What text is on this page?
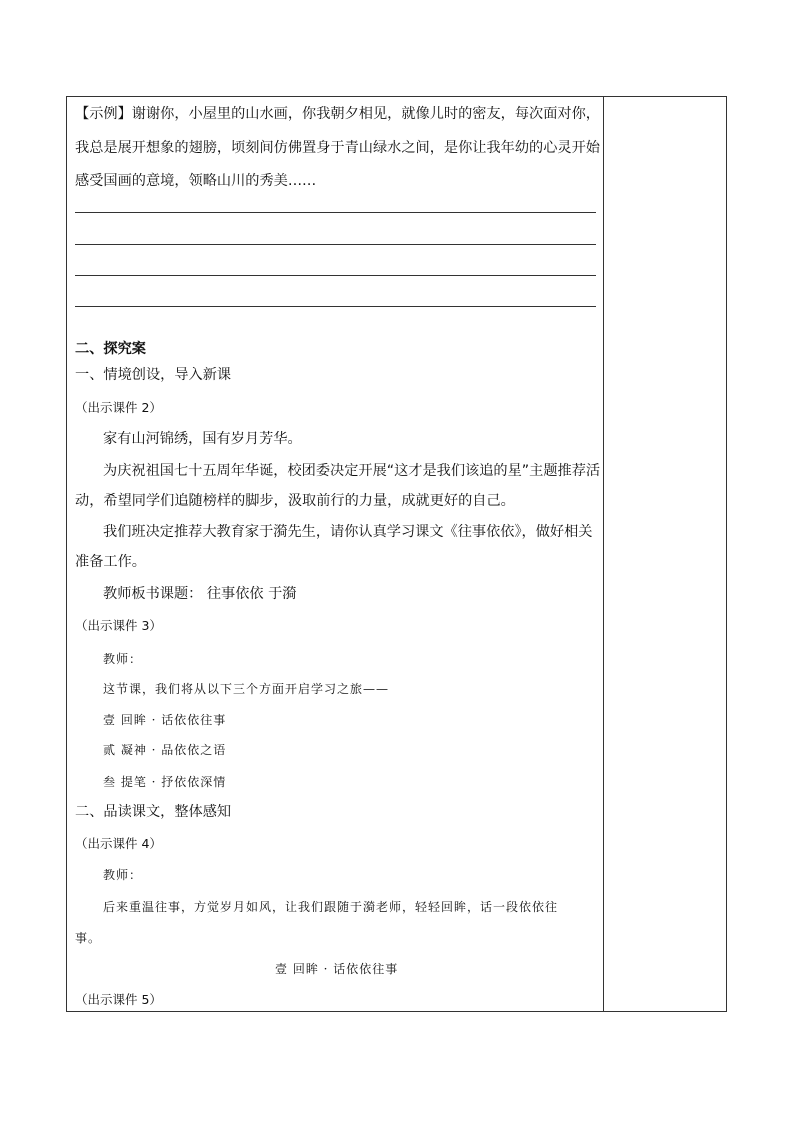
【示例】谢谢你，小屋里的山水画，你我朝夕相见，就像儿时的密友，每次面对你，
我总是展开想象的翅膀，顷刻间仿佛置身于青山绿水之间，是你让我年幼的心灵开始
感受国画的意境，领略山川的秀美……
二、探究案
一、情境创设，导入新课
（出示课件 2）
家有山河锦绣，国有岁月芳华。
为庆祝祖国七十五周年华诞，校团委决定开展“这才是我们该追的星”主题推荐活
动，希望同学们追随榜样的脚步，汲取前行的力量，成就更好的自己。
我们班决定推荐大教育家于漪先生，请你认真学习课文《往事依依》，做好相关
准备工作。
教师板书课题： 往事依依 于漪
（出示课件 3）
教师：
这节课，我们将从以下三个方面开启学习之旅——
壹 回眸 · 话依依往事
贰 凝神 · 品依依之语
叁 提笔 · 抒依依深情
二、品读课文，整体感知
（出示课件 4）
教师：
后来重温往事，方觉岁月如风，让我们跟随于漪老师，轻轻回眸，话一段依依往
事。
壹 回眸 · 话依依往事
（出示课件 5）
